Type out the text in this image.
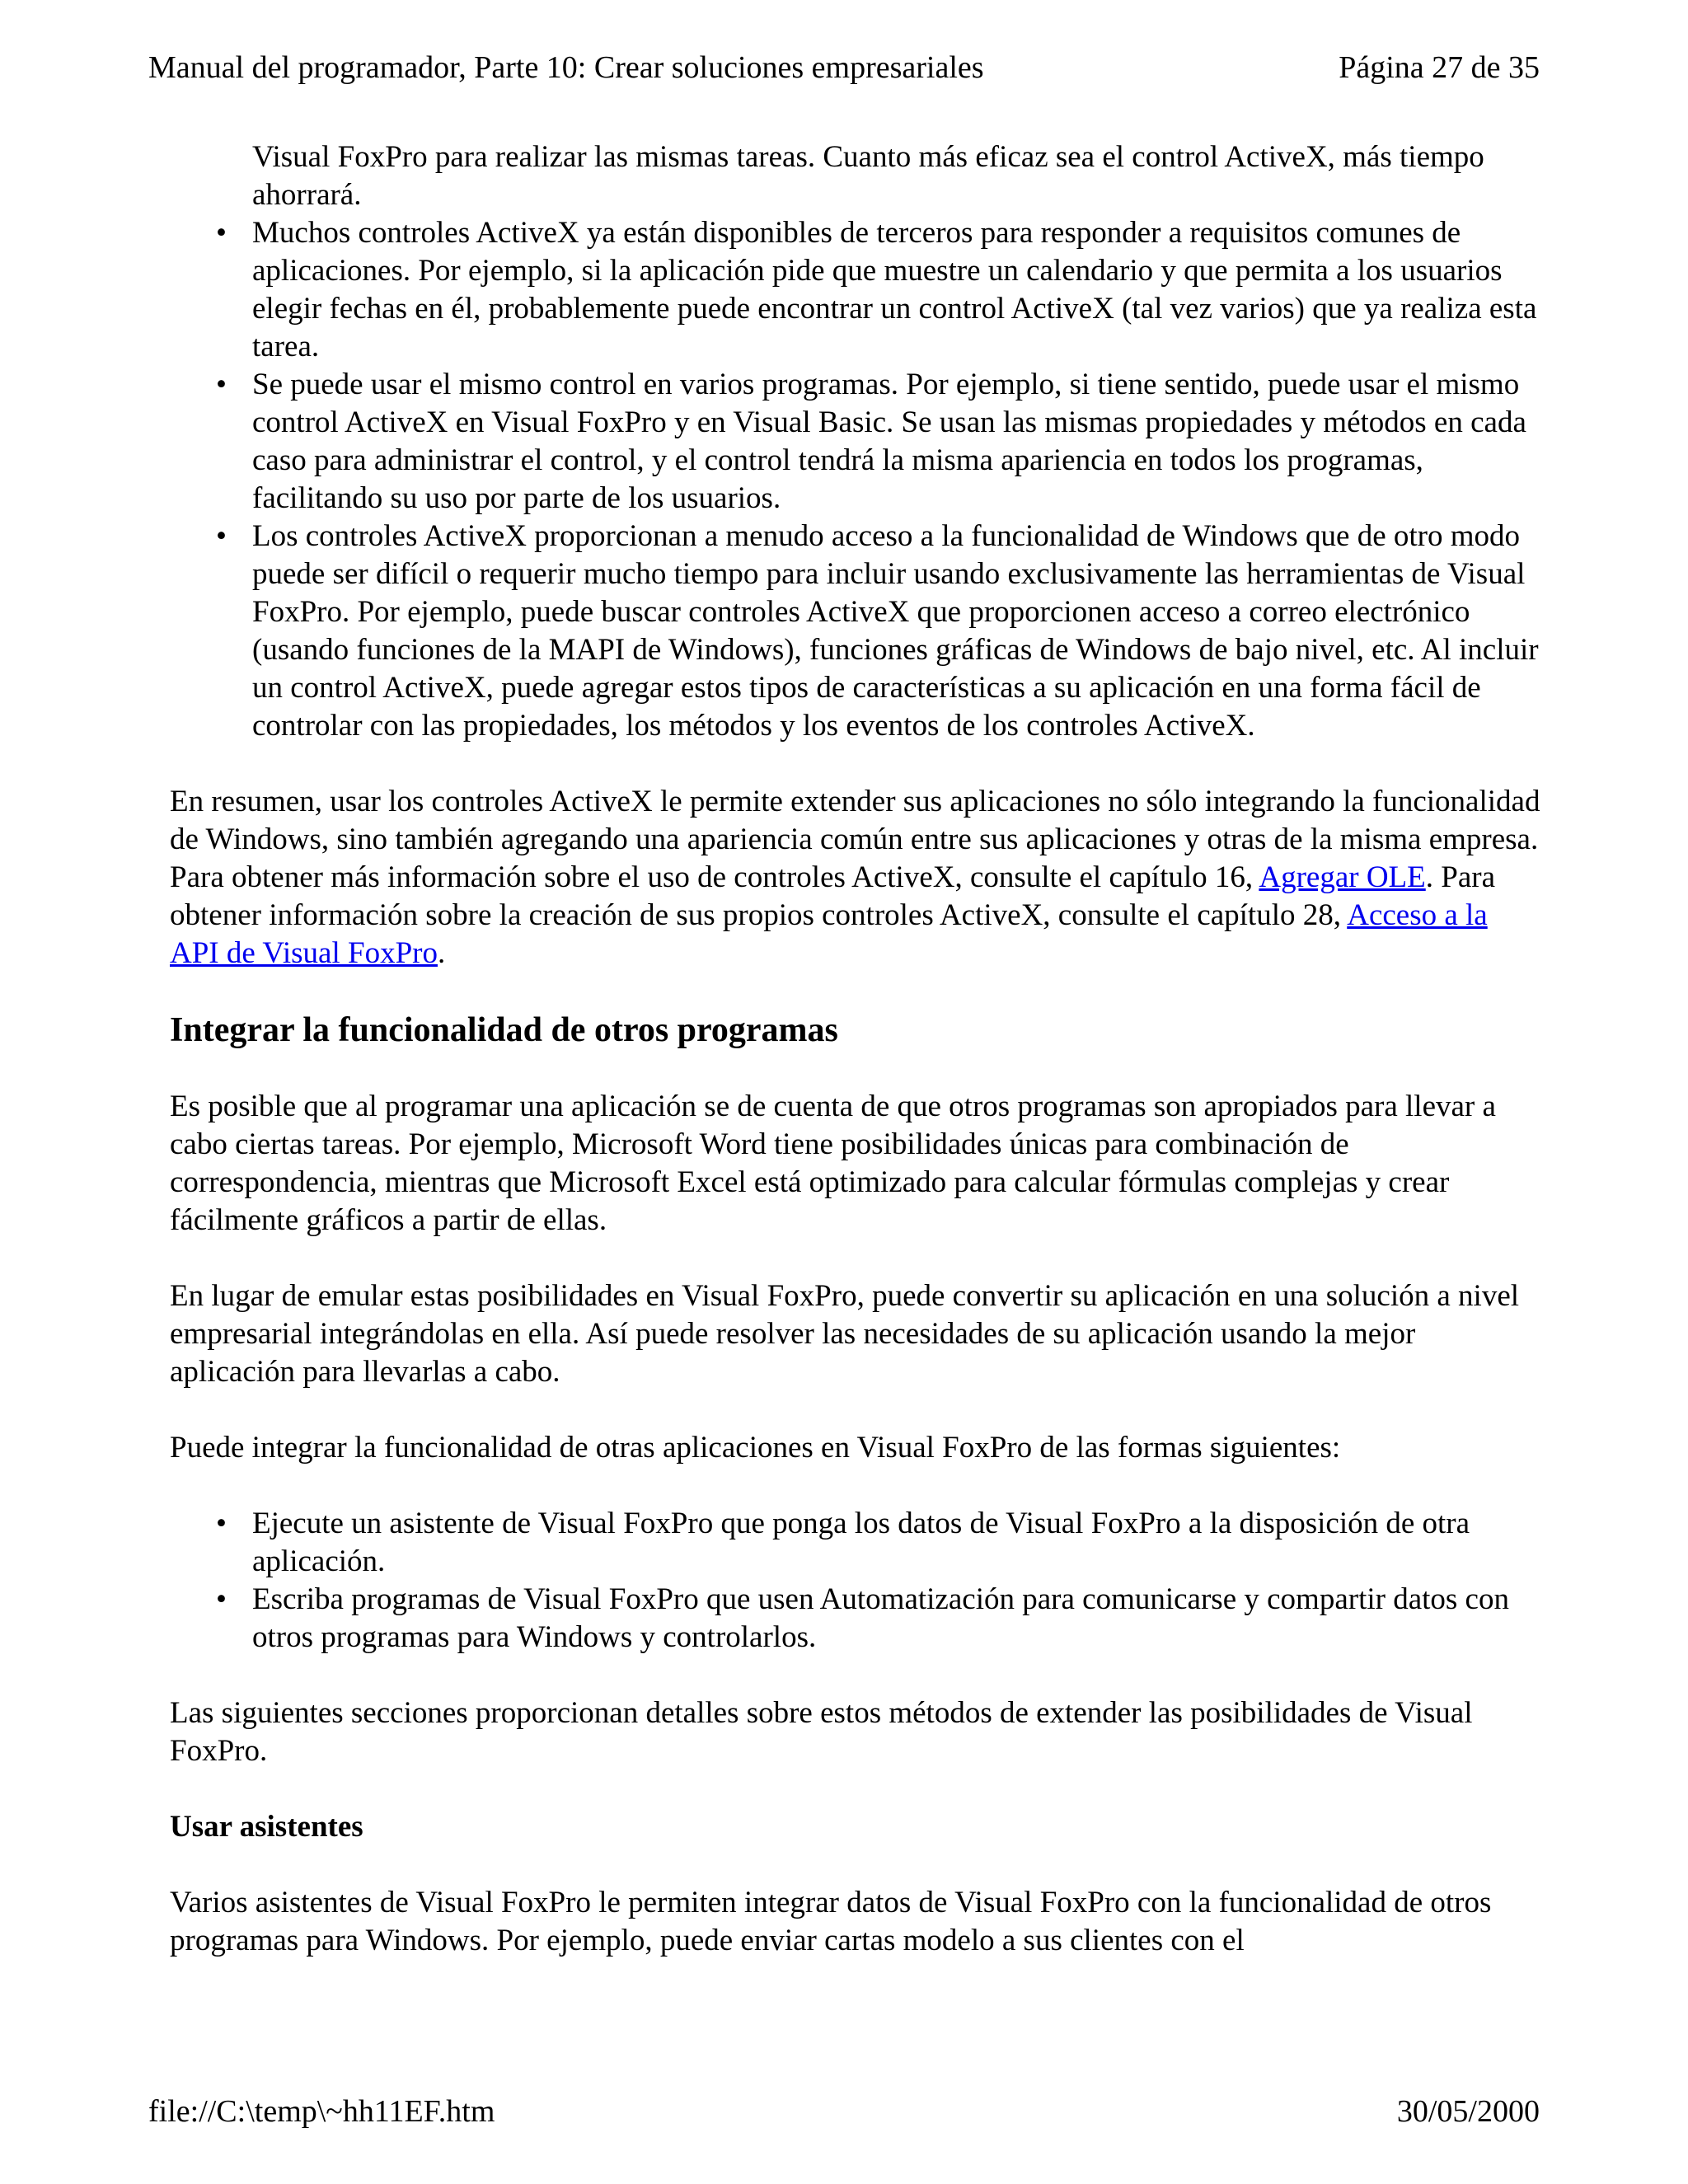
Manual del programador, Parte 10: Crear soluciones empresariales	Página 27 de 35

Visual FoxPro para realizar las mismas tareas. Cuanto más eficaz sea el control ActiveX, más tiempo ahorrará.

• Muchos controles ActiveX ya están disponibles de terceros para responder a requisitos comunes de aplicaciones. Por ejemplo, si la aplicación pide que muestre un calendario y que permita a los usuarios elegir fechas en él, probablemente puede encontrar un control ActiveX (tal vez varios) que ya realiza esta tarea.
• Se puede usar el mismo control en varios programas. Por ejemplo, si tiene sentido, puede usar el mismo control ActiveX en Visual FoxPro y en Visual Basic. Se usan las mismas propiedades y métodos en cada caso para administrar el control, y el control tendrá la misma apariencia en todos los programas, facilitando su uso por parte de los usuarios.
• Los controles ActiveX proporcionan a menudo acceso a la funcionalidad de Windows que de otro modo puede ser difícil o requerir mucho tiempo para incluir usando exclusivamente las herramientas de Visual FoxPro. Por ejemplo, puede buscar controles ActiveX que proporcionen acceso a correo electrónico (usando funciones de la MAPI de Windows), funciones gráficas de Windows de bajo nivel, etc. Al incluir un control ActiveX, puede agregar estos tipos de características a su aplicación en una forma fácil de controlar con las propiedades, los métodos y los eventos de los controles ActiveX.

En resumen, usar los controles ActiveX le permite extender sus aplicaciones no sólo integrando la funcionalidad de Windows, sino también agregando una apariencia común entre sus aplicaciones y otras de la misma empresa. Para obtener más información sobre el uso de controles ActiveX, consulte el capítulo 16, Agregar OLE. Para obtener información sobre la creación de sus propios controles ActiveX, consulte el capítulo 28, Acceso a la API de Visual FoxPro.

Integrar la funcionalidad de otros programas

Es posible que al programar una aplicación se de cuenta de que otros programas son apropiados para llevar a cabo ciertas tareas. Por ejemplo, Microsoft Word tiene posibilidades únicas para combinación de correspondencia, mientras que Microsoft Excel está optimizado para calcular fórmulas complejas y crear fácilmente gráficos a partir de ellas.

En lugar de emular estas posibilidades en Visual FoxPro, puede convertir su aplicación en una solución a nivel empresarial integrándolas en ella. Así puede resolver las necesidades de su aplicación usando la mejor aplicación para llevarlas a cabo.

Puede integrar la funcionalidad de otras aplicaciones en Visual FoxPro de las formas siguientes:

• Ejecute un asistente de Visual FoxPro que ponga los datos de Visual FoxPro a la disposición de otra aplicación.
• Escriba programas de Visual FoxPro que usen Automatización para comunicarse y compartir datos con otros programas para Windows y controlarlos.

Las siguientes secciones proporcionan detalles sobre estos métodos de extender las posibilidades de Visual FoxPro.

Usar asistentes

Varios asistentes de Visual FoxPro le permiten integrar datos de Visual FoxPro con la funcionalidad de otros programas para Windows. Por ejemplo, puede enviar cartas modelo a sus clientes con el

file://C:\temp\~hh11EF.htm	30/05/2000
